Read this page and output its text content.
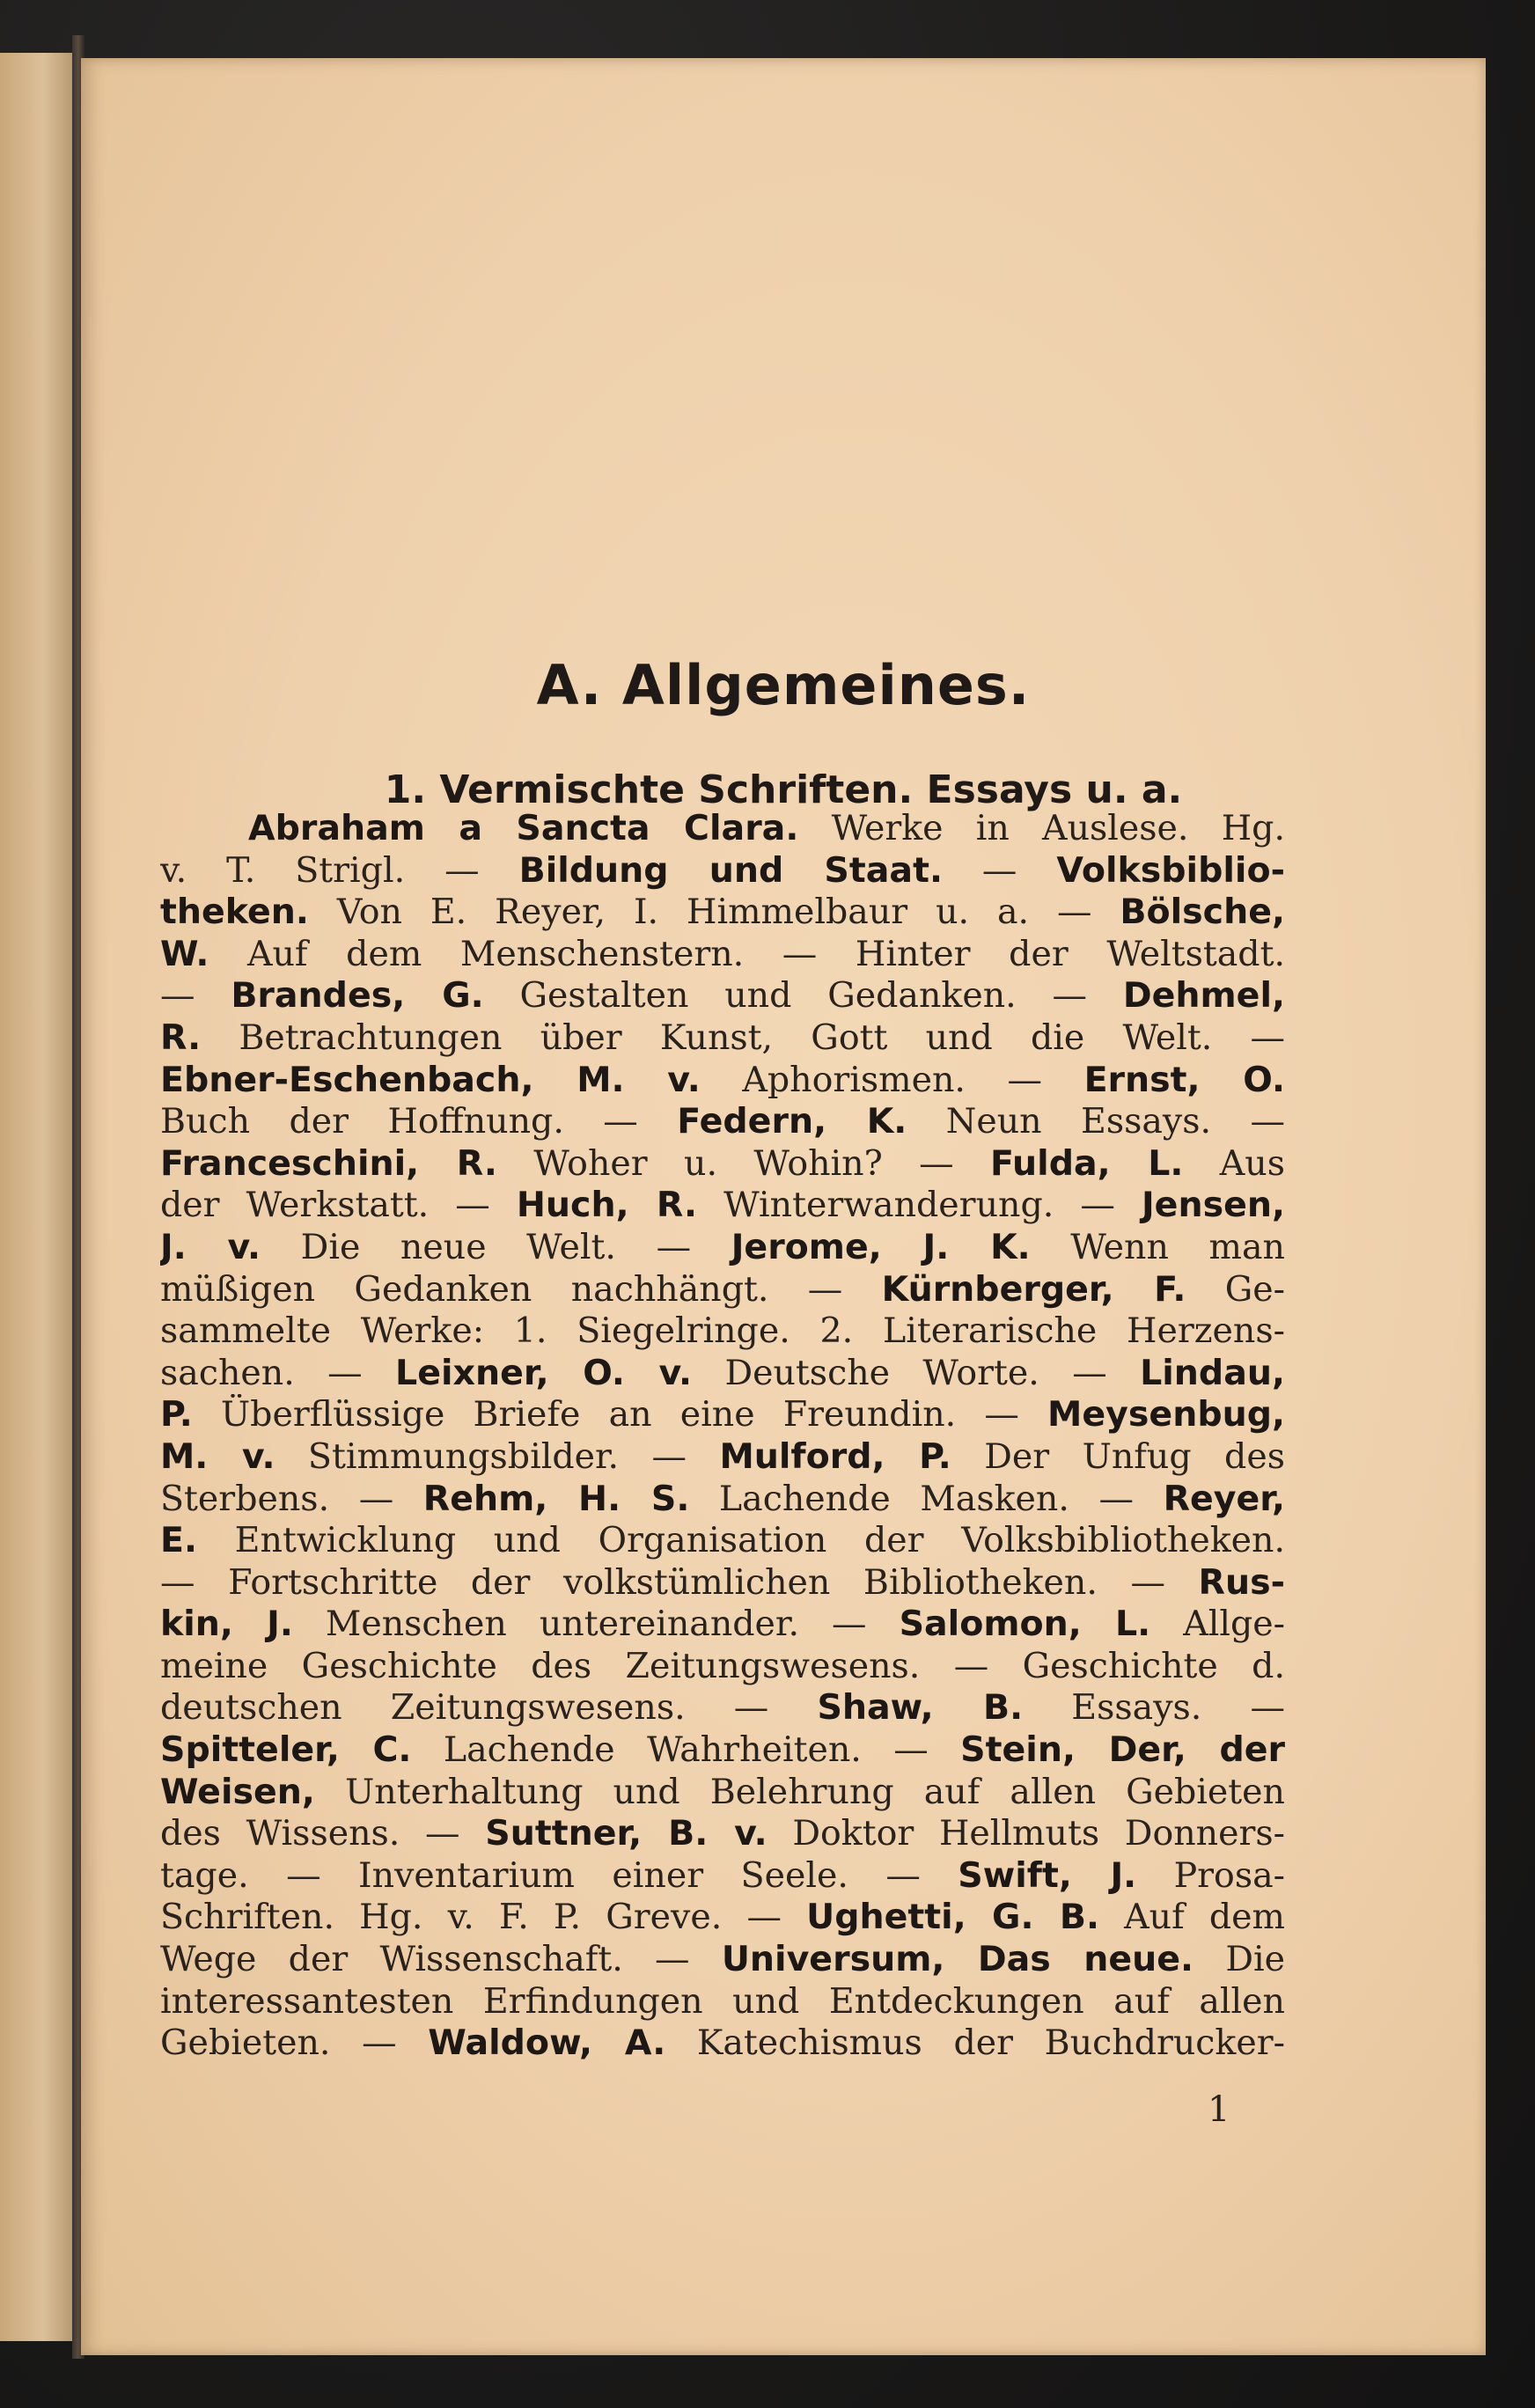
A. Allgemeines.
1. Vermischte Schriften. Essays u. a.
Abraham a Sancta Clara. Werke in Auslese. Hg.
v. T. Strigl. — Bildung und Staat. — Volksbiblio-
theken. Von E. Reyer, I. Himmelbaur u. a. — Bölsche,
W. Auf dem Menschenstern. — Hinter der Weltstadt.
— Brandes, G. Gestalten und Gedanken. — Dehmel,
R. Betrachtungen über Kunst, Gott und die Welt. —
Ebner-Eschenbach, M. v. Aphorismen. — Ernst, O.
Buch der Hoffnung. — Federn, K. Neun Essays. —
Franceschini, R. Woher u. Wohin? — Fulda, L. Aus
der Werkstatt. — Huch, R. Winterwanderung. — Jensen,
J. v. Die neue Welt. — Jerome, J. K. Wenn man
müßigen Gedanken nachhängt. — Kürnberger, F. Ge-
sammelte Werke: 1. Siegelringe. 2. Literarische Herzens-
sachen. — Leixner, O. v. Deutsche Worte. — Lindau,
P. Überflüssige Briefe an eine Freundin. — Meysenbug,
M. v. Stimmungsbilder. — Mulford, P. Der Unfug des
Sterbens. — Rehm, H. S. Lachende Masken. — Reyer,
E. Entwicklung und Organisation der Volksbibliotheken.
— Fortschritte der volkstümlichen Bibliotheken. — Rus-
kin, J. Menschen untereinander. — Salomon, L. Allge-
meine Geschichte des Zeitungswesens. — Geschichte d.
deutschen Zeitungswesens. — Shaw, B. Essays. —
Spitteler, C. Lachende Wahrheiten. — Stein, Der, der
Weisen, Unterhaltung und Belehrung auf allen Gebieten
des Wissens. — Suttner, B. v. Doktor Hellmuts Donners-
tage. — Inventarium einer Seele. — Swift, J. Prosa-
Schriften. Hg. v. F. P. Greve. — Ughetti, G. B. Auf dem
Wege der Wissenschaft. — Universum, Das neue. Die
interessantesten Erfindungen und Entdeckungen auf allen
Gebieten. — Waldow, A. Katechismus der Buchdrucker-
1
